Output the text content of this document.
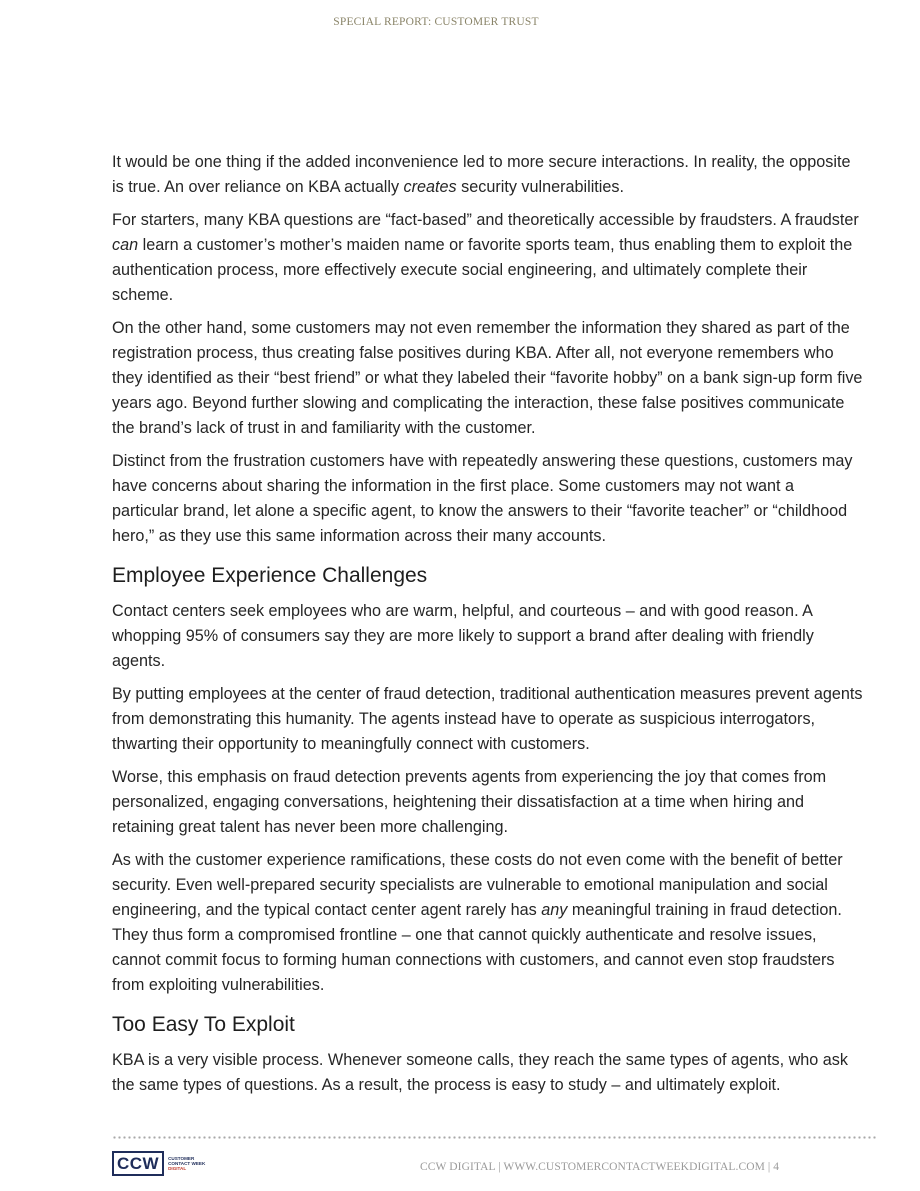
SPECIAL REPORT: CUSTOMER TRUST

It would be one thing if the added inconvenience led to more secure interactions. In reality, the opposite is true. An over reliance on KBA actually creates security vulnerabilities.

For starters, many KBA questions are “fact-based” and theoretically accessible by fraudsters. A fraudster can learn a customer’s mother’s maiden name or favorite sports team, thus enabling them to exploit the authentication process, more effectively execute social engineering, and ultimately complete their scheme.

On the other hand, some customers may not even remember the information they shared as part of the registration process, thus creating false positives during KBA. After all, not everyone remembers who they identified as their “best friend” or what they labeled their “favorite hobby” on a bank sign-up form five years ago. Beyond further slowing and complicating the interaction, these false positives communicate the brand’s lack of trust in and familiarity with the customer.

Distinct from the frustration customers have with repeatedly answering these questions, customers may have concerns about sharing the information in the first place. Some customers may not want a particular brand, let alone a specific agent, to know the answers to their “favorite teacher” or “childhood hero,” as they use this same information across their many accounts.

Employee Experience Challenges

Contact centers seek employees who are warm, helpful, and courteous – and with good reason. A whopping 95% of consumers say they are more likely to support a brand after dealing with friendly agents.

By putting employees at the center of fraud detection, traditional authentication measures prevent agents from demonstrating this humanity. The agents instead have to operate as suspicious interrogators, thwarting their opportunity to meaningfully connect with customers.

Worse, this emphasis on fraud detection prevents agents from experiencing the joy that comes from personalized, engaging conversations, heightening their dissatisfaction at a time when hiring and retaining great talent has never been more challenging.

As with the customer experience ramifications, these costs do not even come with the benefit of better security. Even well-prepared security specialists are vulnerable to emotional manipulation and social engineering, and the typical contact center agent rarely has any meaningful training in fraud detection. They thus form a compromised frontline – one that cannot quickly authenticate and resolve issues, cannot commit focus to forming human connections with customers, and cannot even stop fraudsters from exploiting vulnerabilities.

Too Easy To Exploit

KBA is a very visible process. Whenever someone calls, they reach the same types of agents, who ask the same types of questions. As a result, the process is easy to study – and ultimately exploit.

CCW	CUSTOMER
CONTACT WEEK
DIGITAL	CCW DIGITAL | WWW.CUSTOMERCONTACTWEEKDIGITAL.COM | 4
